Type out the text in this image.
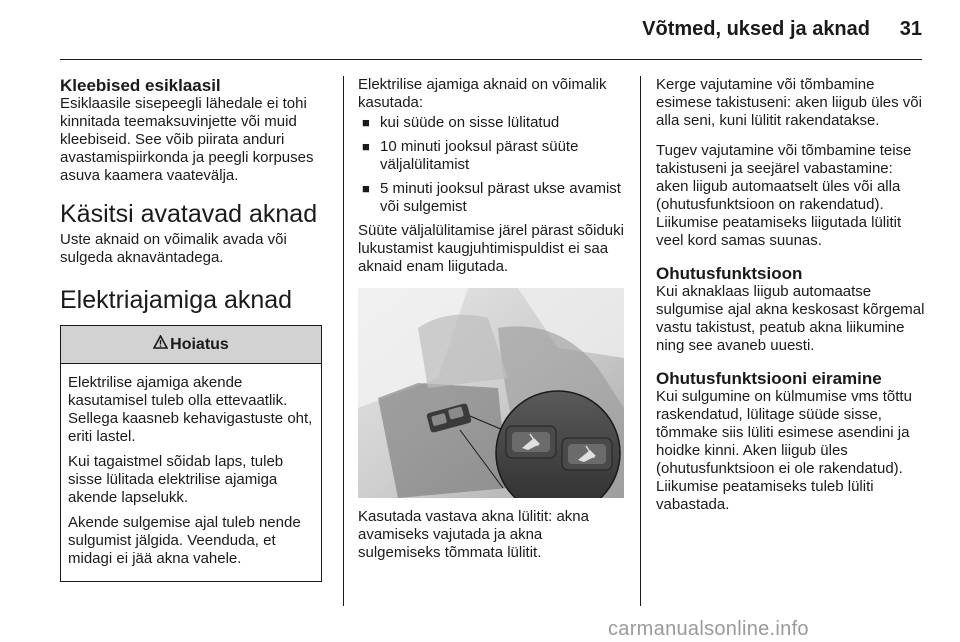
Võtmed, uksed ja aknad 31
Kleebised esiklaasil

Esiklaasile sisepeegli lähedale ei tohi kinnitada teemaksuvinjette või muid kleebiseid. See võib piirata anduri avastamispiirkonda ja peegli korpuses asuva kaamera vaatevälja.

Käsitsi avatavad aknad

Uste aknaid on võimalik avada või sulgeda aknaväntadega.

Elektriajamiga aknad
Hoiatus

Elektrilise ajamiga akende kasutamisel tuleb olla ettevaatlik. Sellega kaasneb kehavigastuste oht, eriti lastel.

Kui tagaistmel sõidab laps, tuleb sisse lülitada elektrilise ajamiga akende lapselukk.

Akende sulgemise ajal tuleb nende sulgumist jälgida. Veenduda, et midagi ei jää akna vahele.

Elektrilise ajamiga aknaid on võimalik kasutada:

■ kui süüde on sisse lülitatud
■ 10 minuti jooksul pärast süüte väljalülitamist
■ 5 minuti jooksul pärast ukse avamist või sulgemist

Süüte väljalülitamise järel pärast sõiduki lukustamist kaugjuhtimispuldist ei saa aknaid enam liigutada.

Kasutada vastava akna lülitit: akna avamiseks vajutada ja akna sulgemiseks tõmmata lülitit.

Kerge vajutamine või tõmbamine esimese takistuseni: aken liigub üles või alla seni, kuni lülitit rakendatakse.

Tugev vajutamine või tõmbamine teise takistuseni ja seejärel vabastamine: aken liigub automaatselt üles või alla (ohutusfunktsioon on rakendatud). Liikumise peatamiseks liigutada lülitit veel kord samas suunas.

Ohutusfunktsioon

Kui aknaklaas liigub automaatse sulgumise ajal akna keskosast kõrgemal vastu takistust, peatub akna liikumine ning see avaneb uuesti.

Ohutusfunktsiooni eiramine

Kui sulgumine on külmumise vms tõttu raskendatud, lülitage süüde sisse, tõmmake siis lüliti esimese asendini ja hoidke kinni. Aken liigub üles (ohutusfunktsioon ei ole rakendatud). Liikumise peatamiseks tuleb lüliti vabastada.

carmanualsonline.info
